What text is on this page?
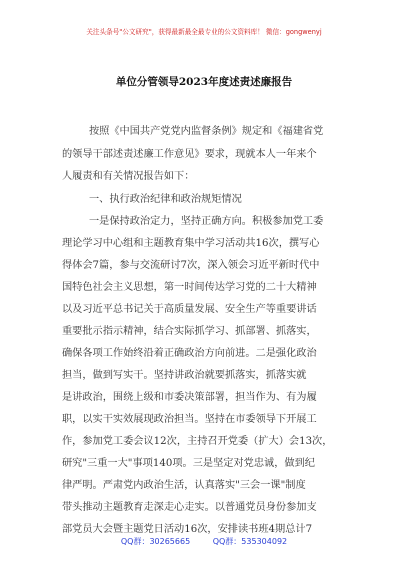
关注头条号"公文研究"，获得最新最全最专业的公文资料库！ 微信：gongwenyj
单位分管领导2023年度述责述廉报告
按照《中国共产党党内监督条例》规定和《福建省党
的领导干部述责述廉工作意见》要求，现就本人一年来个
人履责和有关情况报告如下：
一、执行政治纪律和政治规矩情况
一是保持政治定力，坚持正确方向。积极参加党工委
理论学习中心组和主题教育集中学习活动共16次，撰写心
得体会7篇，参与交流研讨7次，深入领会习近平新时代中
国特色社会主义思想，第一时间传达学习党的二十大精神
以及习近平总书记关于高质量发展、安全生产等重要讲话
重要批示指示精神，结合实际抓学习、抓部署、抓落实，
确保各项工作始终沿着正确政治方向前进。二是强化政治
担当，做到写实干。坚持讲政治就要抓落实，抓落实就
是讲政治，围绕上级和市委决策部署，担当作为、有为履
职，以实干实效展现政治担当。坚持在市委领导下开展工
作，参加党工委会议12次，主持召开党委（扩大）会13次，
研究"三重一大"事项140项。三是坚定对党忠诚，做到纪
律严明。严肃党内政治生活，认真落实"三会一课"制度
带头推动主题教育走深走心走实。以普通党员身份参加支
部党员大会暨主题党日活动16次，安排读书班4期总计7
QQ群：30265665	QQ群：535304092
